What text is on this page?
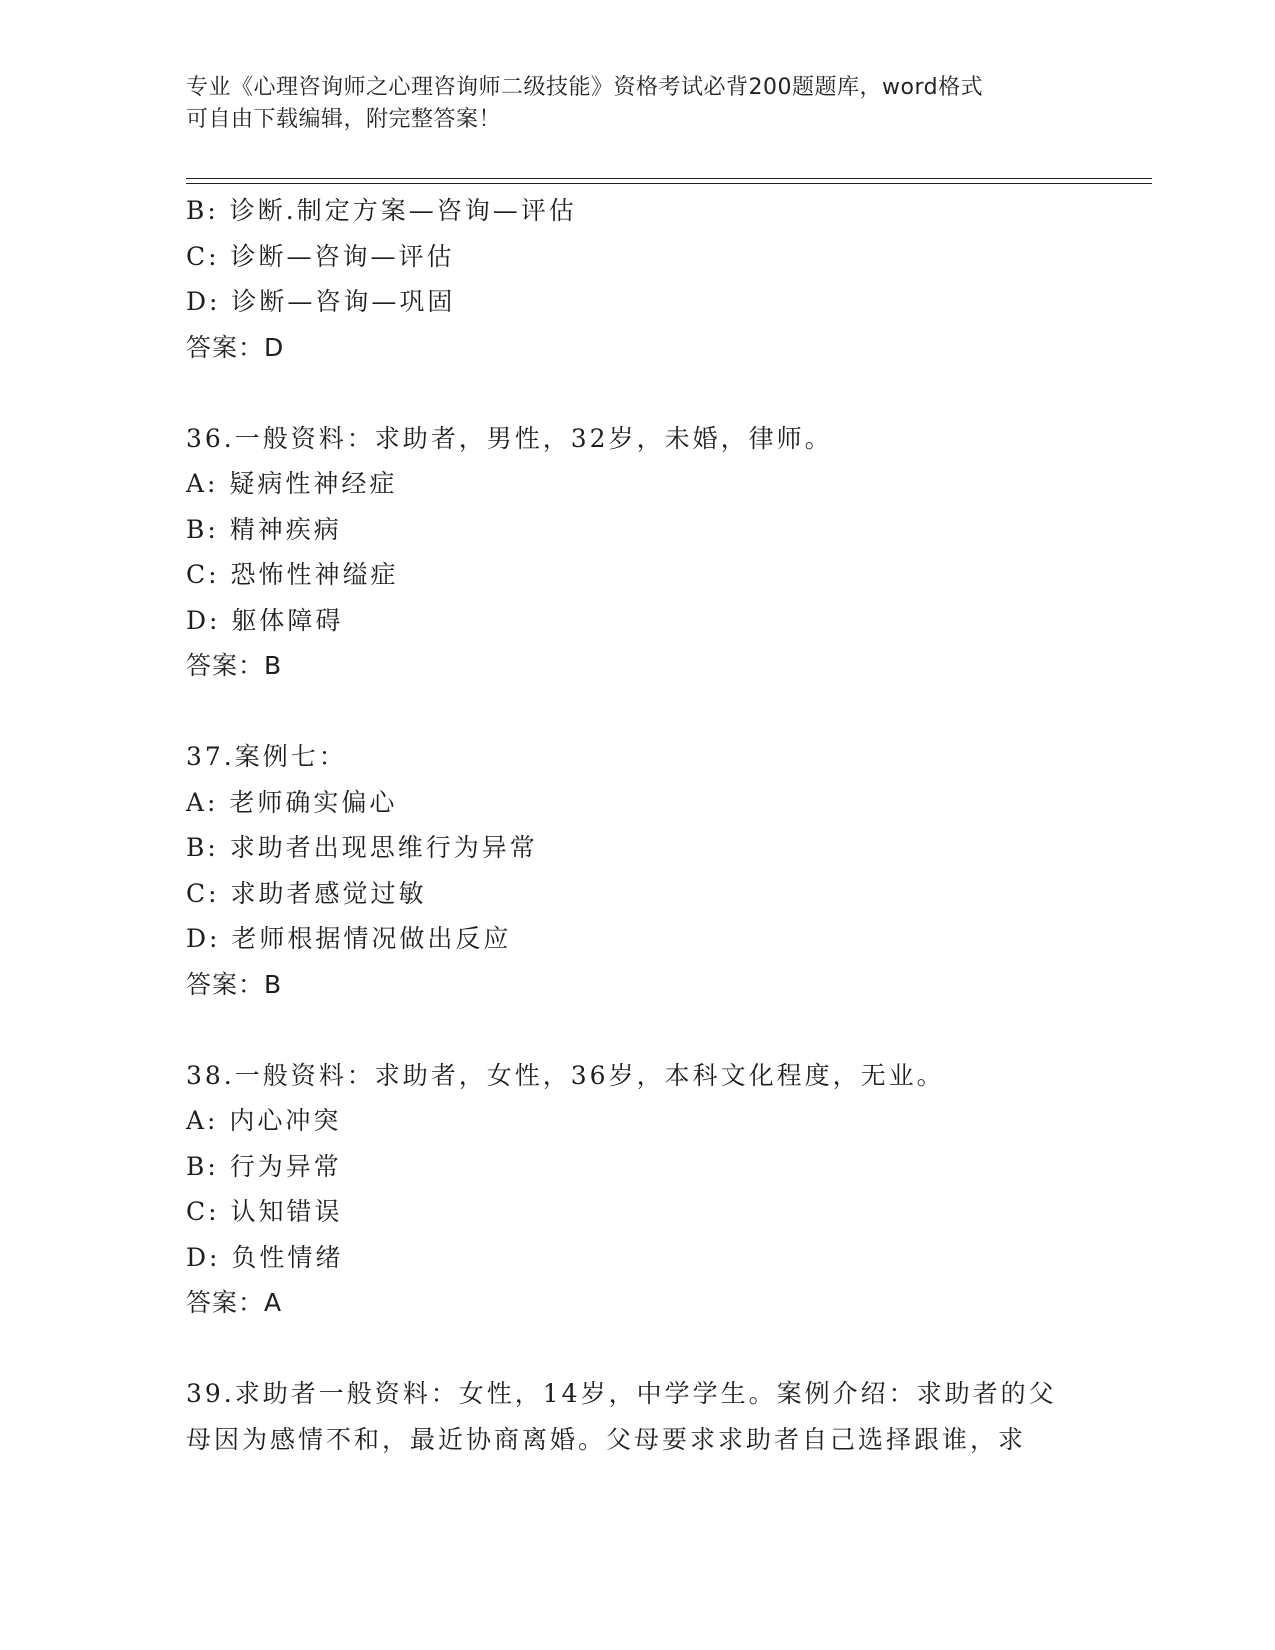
专业《心理咨询师之心理咨询师二级技能》资格考试必背200题题库，word格式
可自由下载编辑，附完整答案！
B: 诊断.制定方案—咨询—评估
C: 诊断—咨询—评估
D: 诊断—咨询—巩固
答案：D
36.一般资料：求助者，男性，32岁，未婚，律师。
A: 疑病性神经症
B: 精神疾病
C: 恐怖性神缢症
D: 躯体障碍
答案：B
37.案例七：
A: 老师确实偏心
B: 求助者出现思维行为异常
C: 求助者感觉过敏
D: 老师根据情况做出反应
答案：B
38.一般资料：求助者，女性，36岁，本科文化程度，无业。
A: 内心冲突
B: 行为异常
C: 认知错误
D: 负性情绪
答案：A
39.求助者一般资料：女性，14岁，中学学生。案例介绍：求助者的父
母因为感情不和，最近协商离婚。父母要求求助者自己选择跟谁，求
